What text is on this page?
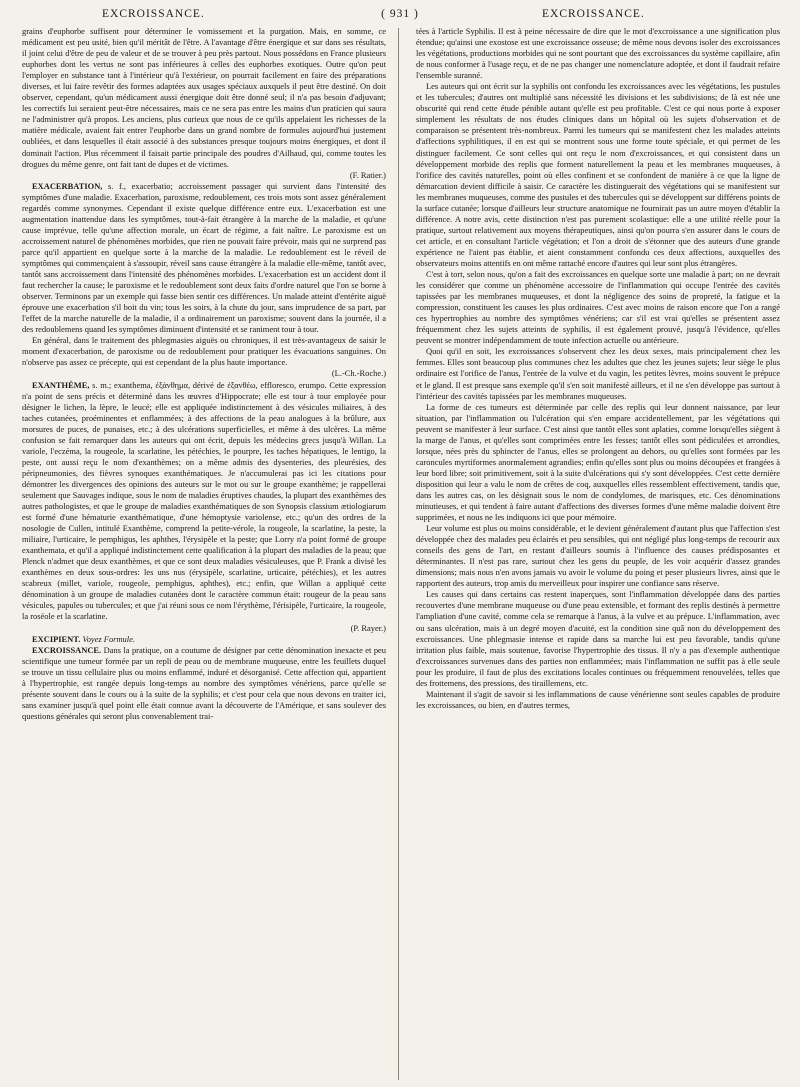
EXCROISSANCE.	( 931 )	EXCROISSANCE.

grains d'euphorbe suffisent pour déterminer le vomissement et la purgation. Mais, en somme, ce médicament est peu usité, bien qu'il méritât de l'être. A l'avantage d'être énergique et sur dans ses résultats, il joint celui d'être de peu de valeur et de se trouver à peu près partout. Nous possédons en France plusieurs euphorbes dont les vertus ne sont pas inférieures à celles des euphorbes exotiques. Outre qu'on peut l'employer en substance tant à l'intérieur qu'à l'extérieur, on pourrait facilement en faire des préparations diverses, et lui faire revêtir des formes adaptées aux usages spéciaux auxquels il peut être destiné. On doit observer, cependant, qu'un médicament aussi énergique doit être donné seul; il n'a pas besoin d'adjuvant; les correctifs lui seraient peut-être nécessaires, mais ce ne sera pas entre les mains d'un praticien qui saura ne l'administrer qu'à propos. Les anciens, plus curieux que nous de ce qu'ils appelaient les richesses de la matière médicale, avaient fait entrer l'euphorbe dans un grand nombre de formules aujourd'hui justement oubliées, et dans lesquelles il était associé à des substances presque toujours moins énergiques, et dont il dominait l'action. Plus récemment il faisait partie principale des poudres d'Ailhaud, qui, comme toutes les drogues du même genre, ont fait tant de dupes et de victimes.
(F. Ratier.)

EXACERBATION, s. f., exacerbatio; accroissement passager qui survient dans l'intensité des symptômes d'une maladie. Exacerbation, paroxisme, redoublement, ces trois mots sont assez généralement regardés comme synonymes. Cependant il existe quelque différence entre eux. L'exacerbation est une augmentation inattendue dans les symptômes, tout-à-fait étrangère à la marche de la maladie, et qu'une cause imprévue, telle qu'une affection morale, un écart de régime, a fait naître. Le paroxisme est un accroissement naturel de phénomènes morbides, que rien ne pouvait faire prévoir, mais qui ne surprend pas parce qu'il appartient en quelque sorte à la marche de la maladie. Le redoublement est le réveil de symptômes qui commençaient à s'assoupir, réveil sans cause étrangère à la maladie elle-même, tantôt avec, tantôt sans accroissement dans l'intensité des phénomènes morbides. L'exacerbation est un accident dont il faut rechercher la cause; le paroxisme et le redoublement sont deux faits d'ordre naturel que l'on se borne à observer. Terminons par un exemple qui fasse bien sentir ces différences. Un malade atteint d'entérite aiguë éprouve une exacerbation s'il boit du vin; tous les soirs, à la chute du jour, sans imprudence de sa part, par l'effet de la marche naturelle de la maladie, il a ordinairement un paroxisme; souvent dans la journée, il a des redoublemens quand les symptômes diminuent d'intensité et se raniment tour à tour.

En général, dans le traitement des phlegmasies aiguës ou chroniques, il est très-avantageux de saisir le moment d'exacerbation, de paroxisme ou de redoublement pour pratiquer les évacuations sanguines. On n'observe pas assez ce précepte, qui est cependant de la plus haute importance.
(L.-Ch.-Roche.)

EXANTHÈME, s. m.; exanthema, ἐξάνθημα, dérivé de ἐξανθέω, effloresco, erumpo. Cette expression n'a point de sens précis et déterminé dans les œuvres d'Hippocrate; elle est tour à tour employée pour désigner le lichen, la lèpre, le leucé; elle est appliquée indistinctement à des vésicules miliaires, à des taches cutanées, proéminentes et enflammées; à des affections de la peau analogues à la brûlure, aux morsures de puces, de punaises, etc.; à des ulcérations superficielles, et même à des ulcères. La même confusion se fait remarquer dans les auteurs qui ont écrit, depuis les médecins grecs jusqu'à Willan. La variole, l'eczéma, la rougeole, la scarlatine, les pétéchies, le pourpre, les taches hépatiques, le lentigo, la peste, ont aussi reçu le nom d'exanthèmes; on a même admis des dysenteries, des pleurésies, des péripneumonies, des fièvres synoques exanthématiques. Je n'accumulerai pas ici les citations pour démontrer les divergences des opinions des auteurs sur le mot ou sur le groupe exanthème; je rappellerai seulement que Sauvages indique, sous le nom de maladies éruptives chaudes, la plupart des exanthèmes des autres pathologistes, et que le groupe de maladies exanthématiques de son Synopsis classium ætiologiarum est formé d'une hématurie exanthématique, d'une hémoptysie variolense, etc.; qu'un des ordres de la nosologie de Cullen, intitulé Exanthème, comprend la petite-vérole, la rougeole, la scarlatine, la peste, la miliaire, l'urticaire, le pemphigus, les aphthes, l'érysipèle et la peste; que Lorry n'a point formé de groupe exanthemata, et qu'il a appliqué indistinctement cette qualification à la plupart des maladies de la peau; que Plenck n'admet que deux exanthèmes, et que ce sont deux maladies vésiculeuses, que P. Frank a divisé les exanthèmes en deux sous-ordres: les uns nus (érysipèle, scarlatine, urticaire, pétéchies), et les autres scabreux (millet, variole, rougeole, pemphigus, aphthes), etc.; enfin, que Willan a appliqué cette dénomination à un groupe de maladies cutanées dont le caractère commun était: rougeur de la peau sans vésicules, papules ou tubercules; et que j'ai réuni sous ce nom l'érythème, l'érisipèle, l'urticaire, la rougeole, la roséole et la scarlatine.
(P. Rayer.)

EXCIPIENT. Voyez Formule.

EXCROISSANCE. Dans la pratique, on a coutume de désigner par cette dénomination inexacte et peu scientifique une tumeur formée par un repli de peau ou de membrane muqueuse, entre les feuillets duquel se trouve un tissu cellulaire plus ou moins enflammé, induré et désorganisé. Cette affection qui, appartient à l'hypertrophie, est rangée depuis long-temps au nombre des symptômes vénériens, parce qu'elle se présente souvent dans le cours ou à la suite de la syphilis; et c'est pour cela que nous devons en traiter ici, sans examiner jusqu'à quel point elle était connue avant la découverte de l'Amérique, et sans soulever des questions générales qui seront plus convenablement trai-

tées à l'article Syphilis. Il est à peine nécessaire de dire que le mot d'excroissance a une signification plus étendue; qu'ainsi une exostose est une excroissance osseuse; de même nous devons isoler des excroissances les végétations, productions morbides qui ne sont pourtant que des excroissances du système capillaire, afin de nous conformer à l'usage reçu, et de ne pas changer une nomenclature adoptée, et dont il faudrait refaire l'ensemble suranné.

Les auteurs qui ont écrit sur la syphilis ont confondu les excroissances avec les végétations, les pustules et les tubercules; d'autres ont multiplié sans nécessité les divisions et les subdivisions; de là est née une obscurité qui rend cette étude pénible autant qu'elle est peu profitable. C'est ce qui nous porte à exposer simplement les résultats de nos études cliniques dans un hôpital où les sujets d'observation et de comparaison se présentent très-nombreux. Parmi les tumeurs qui se manifestent chez les malades atteints d'affections syphilitiques, il en est qui se montrent sous une forme toute spéciale, et qui permet de les distinguer facilement. Ce sont celles qui ont reçu le nom d'excroissances, et qui consistent dans un développement morbide des replis que forment naturellement la peau et les membranes muqueuses, à l'orifice des cavités naturelles, point où elles confinent et se confondent de manière à ce que la ligne de démarcation devient difficile à saisir. Ce caractère les distinguerait des végétations qui se manifestent sur les membranes muqueuses, comme des pustules et des tubercules qui se développent sur différens points de la surface cutanée; lorsque d'ailleurs leur structure anatomique ne fournirait pas un autre moyen d'établir la différence. A notre avis, cette distinction n'est pas purement scolastique: elle a une utilité réelle pour la pratique, surtout relativement aux moyens thérapeutiques, ainsi qu'on pourra s'en assurer dans le cours de cet article, et en consultant l'article végétation; et l'on a droit de s'étonner que des auteurs d'une grande expérience ne l'aient pas établie, et aient constamment confondu ces deux affections, auxquelles des observateurs moins attentifs en ont même rattaché encore d'autres qui leur sont plus étrangères.

C'est à tort, selon nous, qu'on a fait des excroissances en quelque sorte une maladie à part; on ne devrait les considérer que comme un phénomène accessoire de l'inflammation qui occupe l'entrée des cavités tapissées par les membranes muqueuses, et dont la négligence des soins de propreté, la fatigue et la compression, constituent les causes les plus ordinaires. C'est avec moins de raison encore que l'on a rangé ces hypertrophies au nombre des symptômes vénériens; car s'il est vrai qu'elles se présentent assez fréquemment chez les sujets atteints de syphilis, il est également prouvé, jusqu'à l'évidence, qu'elles peuvent se montrer indépendamment de toute infection actuelle ou antérieure.

Quoi qu'il en soit, les excroissances s'observent chez les deux sexes, mais principalement chez les femmes. Elles sont beaucoup plus communes chez les adultes que chez les jeunes sujets; leur siège le plus ordinaire est l'orifice de l'anus, l'entrée de la vulve et du vagin, les petites lèvres, moins souvent le prépuce et le gland. Il est presque sans exemple qu'il s'en soit manifesté ailleurs, et il ne s'en développe pas surtout à l'intérieur des cavités tapissées par les membranes muqueuses.

La forme de ces tumeurs est déterminée par celle des replis qui leur donnent naissance, par leur situation, par l'inflammation ou l'ulcération qui s'en empare accidentellement, par les végétations qui peuvent se manifester à leur surface. C'est ainsi que tantôt elles sont aplaties, comme lorsqu'elles siègent à la marge de l'anus, et qu'elles sont comprimées entre les fesses; tantôt elles sont pédiculées et arrondies, lorsque, nées près du sphincter de l'anus, elles se prolongent au dehors, ou qu'elles sont formées par les caroncules myrtiformes anormalement agrandies; enfin qu'elles sont plus ou moins découpées et frangées à leur bord libre; soit primitivement, soit à la suite d'ulcérations qui s'y sont développées. C'est cette dernière disposition qui leur a valu le nom de crêtes de coq, auxquelles elles ressemblent effectivement, tandis que, dans les autres cas, on les désignait sous le nom de condylomes, de marisques, etc. Ces dénominations minutieuses, et qui tendent à faire autant d'affections des diverses formes d'une même maladie doivent être supprimées, et nous ne les indiquons ici que pour mémoire.

Leur volume est plus ou moins considérable, et le devient généralement d'autant plus que l'affection s'est développée chez des malades peu éclairés et peu sensibles, qui ont négligé plus long-temps de recourir aux conseils des gens de l'art, en restant d'ailleurs soumis à l'influence des causes prédisposantes et déterminantes. Il n'est pas rare, surtout chez les gens du peuple, de les voir acquérir d'assez grandes dimensions; mais nous n'en avons jamais vu avoir le volume du poing et peser plusieurs livres, ainsi que le rapportent des auteurs, trop amis du merveilleux pour inspirer une confiance sans réserve.

Les causes qui dans certains cas restent inaperçues, sont l'inflammation développée dans des parties recouvertes d'une membrane muqueuse ou d'une peau extensible, et formant des replis destinés à permettre l'ampliation d'une cavité, comme cela se remarque à l'anus, à la vulve et au prépuce. L'inflammation, avec ou sans ulcération, mais à un degré moyen d'acuité, est la condition sine quâ non du développement des excroissances. Une phlegmasie intense et rapide dans sa marche lui est peu favorable, tandis qu'une irritation plus faible, mais soutenue, favorise l'hypertrophie des tissus. Il n'y a pas d'exemple authentique d'excroissances survenues dans des parties non enflammées; mais l'inflammation ne suffit pas à elle seule pour les produire, il faut de plus des excitations locales continues ou fréquemment renouvelées, telles que des frottemens, des pressions, des tiraillemens, etc.

Maintenant il s'agit de savoir si les inflammations de cause vénérienne sont seules capables de produire les excroissances, ou bien, en d'autres termes,
